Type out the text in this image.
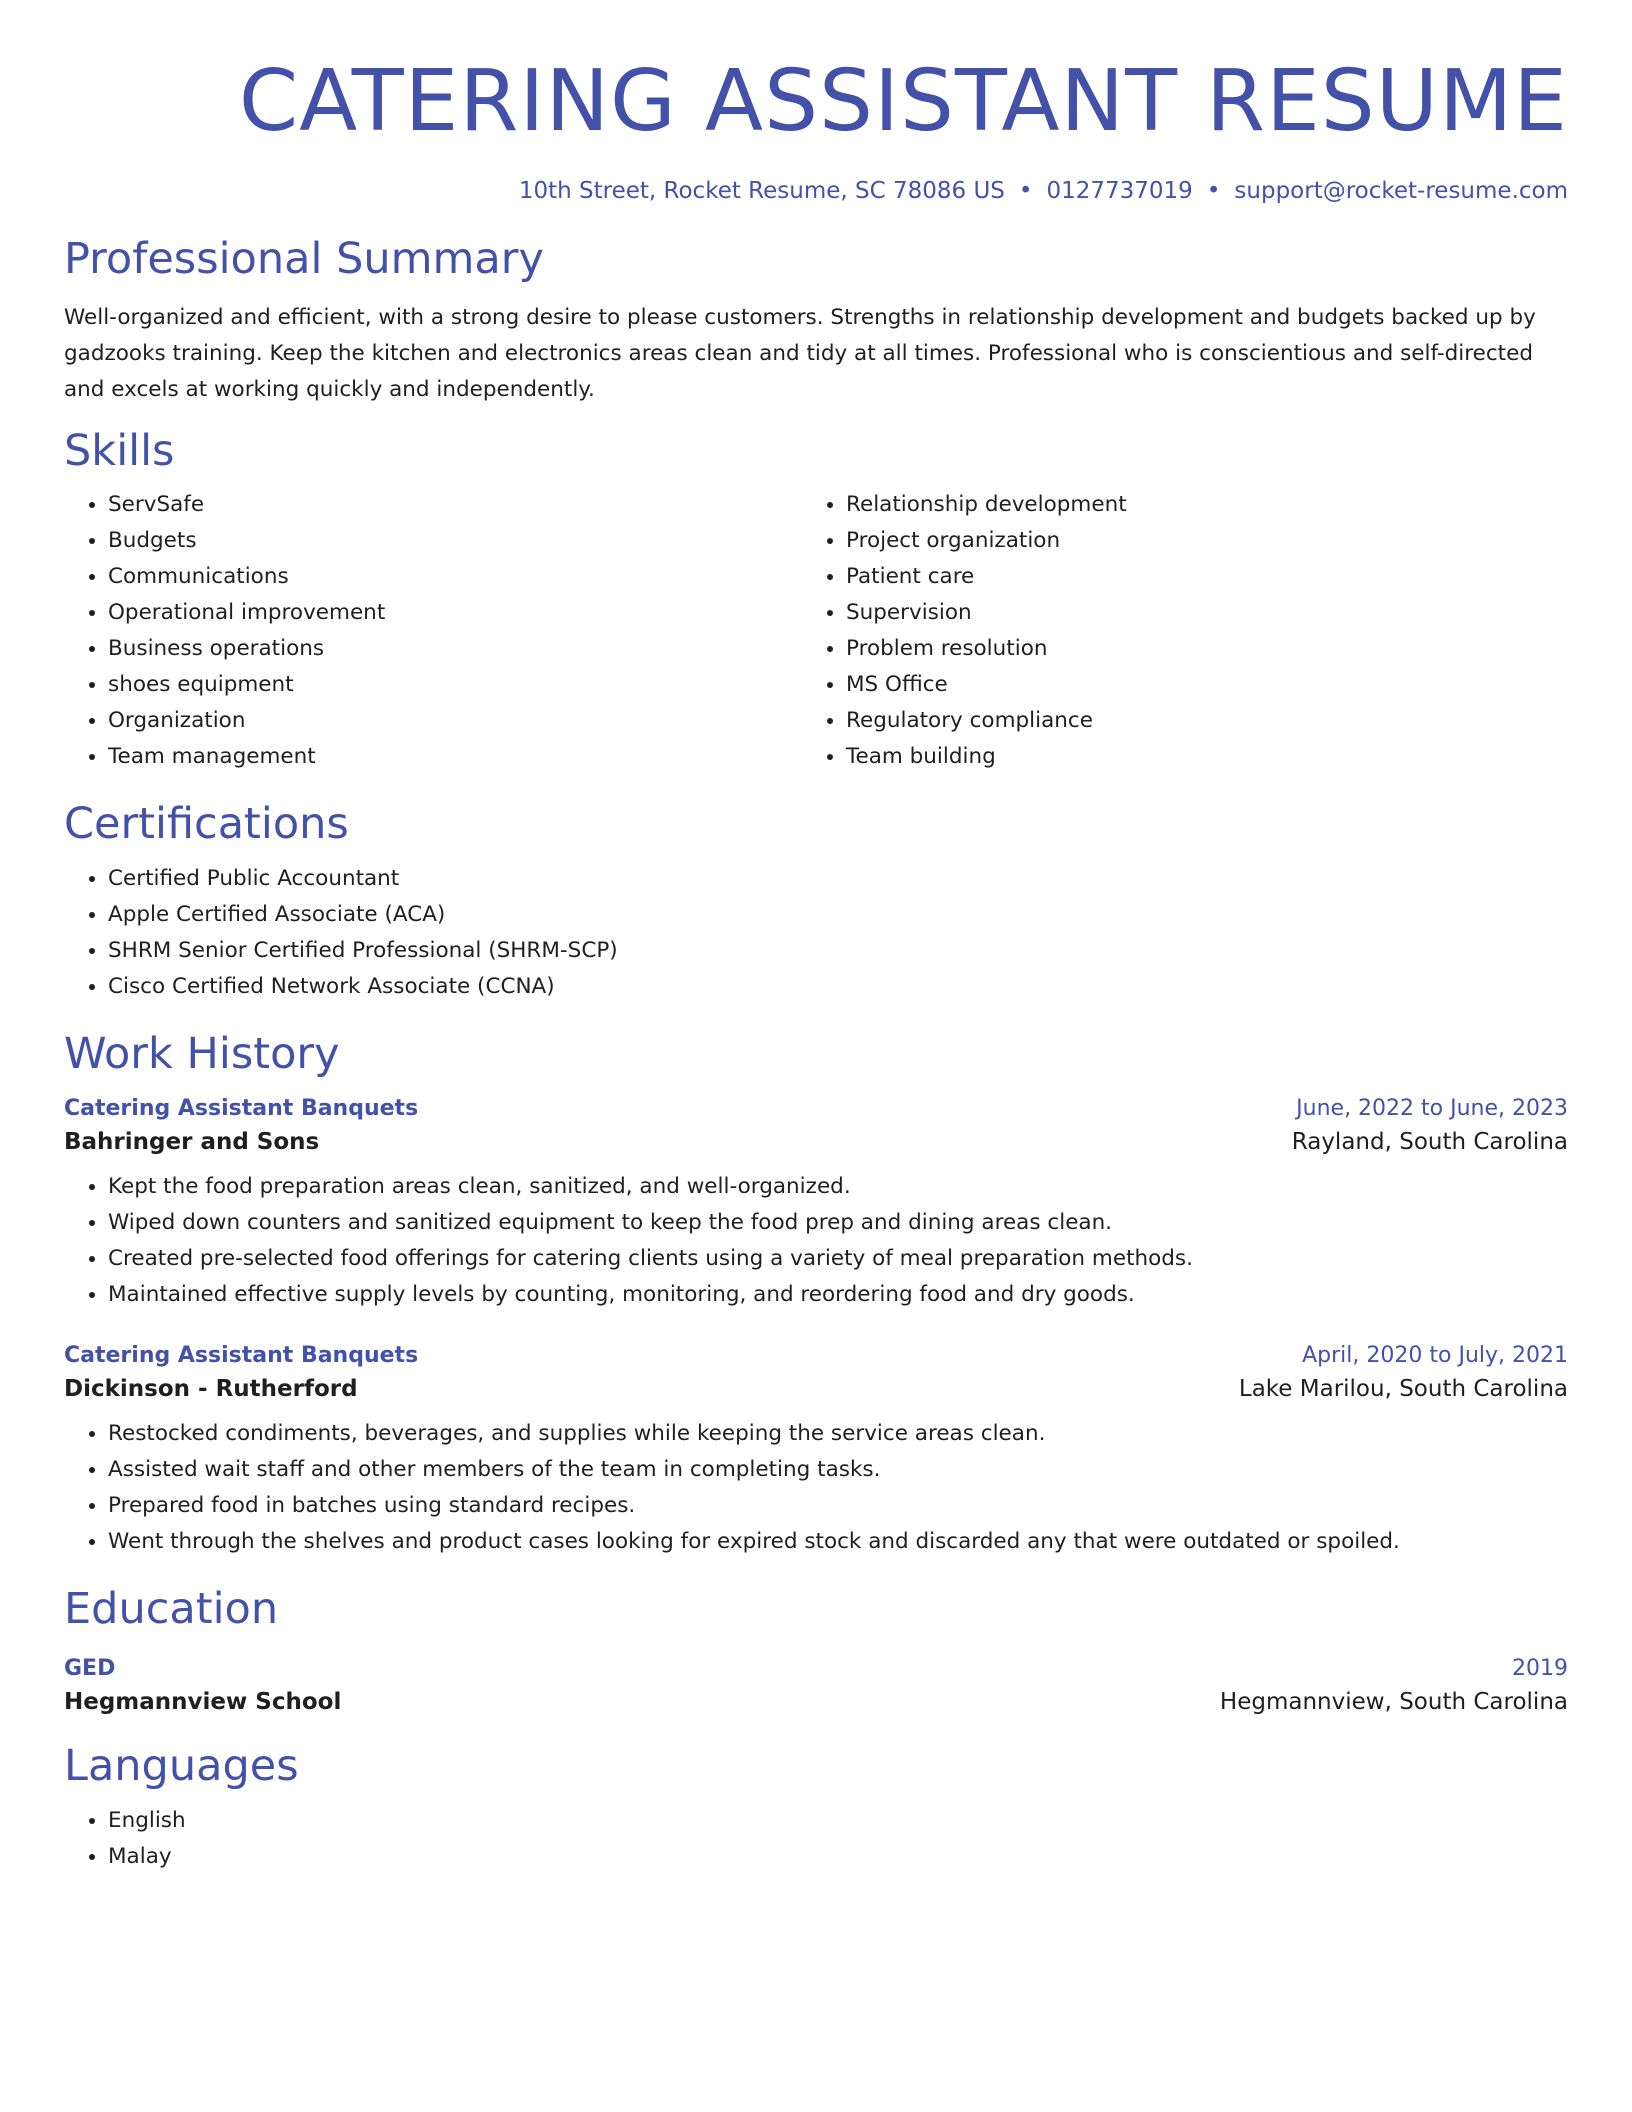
CATERING ASSISTANT RESUME
10th Street, Rocket Resume, SC 78086 US • 0127737019 • support@rocket-resume.com
Professional Summary

Well-organized and efficient, with a strong desire to please customers. Strengths in relationship development and budgets backed up by gadzooks training. Keep the kitchen and electronics areas clean and tidy at all times. Professional who is conscientious and self-directed and excels at working quickly and independently.

Skills
• ServSafe
• Budgets
• Communications
• Operational improvement
• Business operations
• shoes equipment
• Organization
• Team management
• Relationship development
• Project organization
• Patient care
• Supervision
• Problem resolution
• MS Office
• Regulatory compliance
• Team building
Certifications
• Certified Public Accountant
• Apple Certified Associate (ACA)
• SHRM Senior Certified Professional (SHRM-SCP)
• Cisco Certified Network Associate (CCNA)
Work History
Catering Assistant Banquets	June, 2022 to June, 2023
Bahringer and Sons	Rayland, South Carolina
• Kept the food preparation areas clean, sanitized, and well-organized.
• Wiped down counters and sanitized equipment to keep the food prep and dining areas clean.
• Created pre-selected food offerings for catering clients using a variety of meal preparation methods.
• Maintained effective supply levels by counting, monitoring, and reordering food and dry goods.
Catering Assistant Banquets	April, 2020 to July, 2021
Dickinson - Rutherford	Lake Marilou, South Carolina
• Restocked condiments, beverages, and supplies while keeping the service areas clean.
• Assisted wait staff and other members of the team in completing tasks.
• Prepared food in batches using standard recipes.
• Went through the shelves and product cases looking for expired stock and discarded any that were outdated or spoiled.
Education
GED	2019
Hegmannview School	Hegmannview, South Carolina
Languages
• English
• Malay
